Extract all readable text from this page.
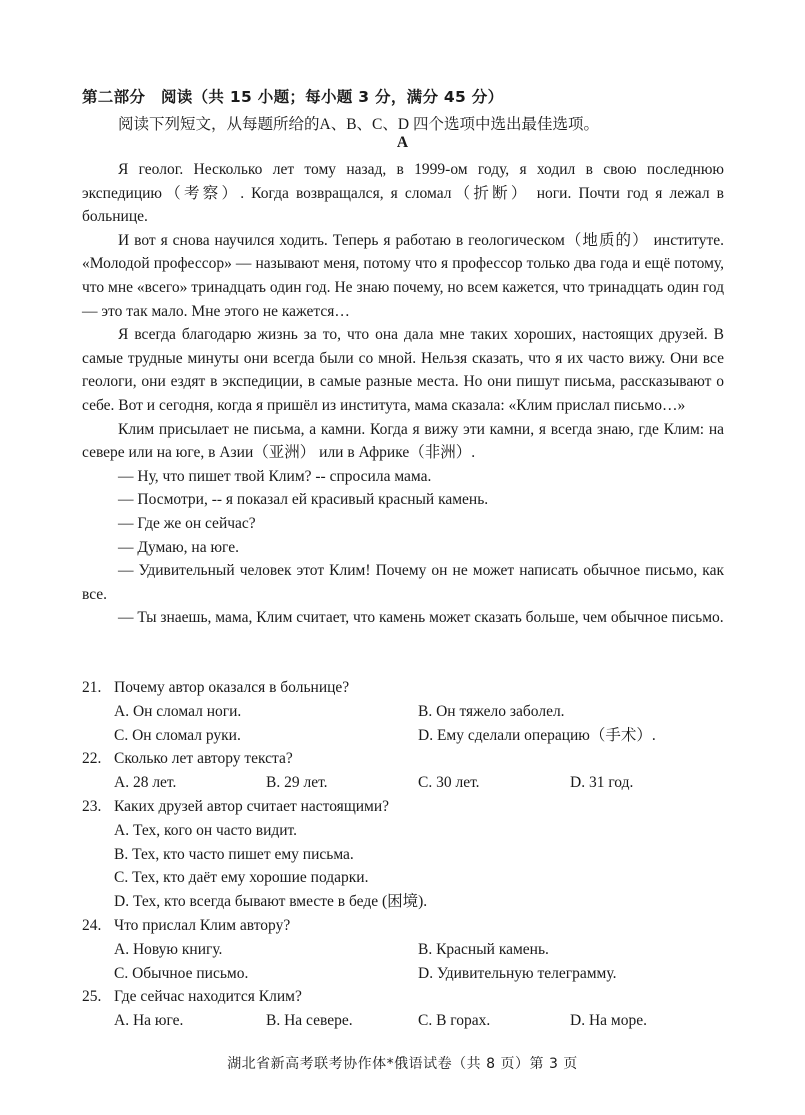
第二部分　阅读（共 15 小题；每小题 3 分，满分 45 分）
阅读下列短文，从每题所给的A、B、C、D 四个选项中选出最佳选项。
A

Я геолог. Несколько лет тому назад, в 1999-ом году, я ходил в свою последнюю экспедицию（考察）. Когда возвращался, я сломал（折断） ноги. Почти год я лежал в больнице.

И вот я снова научился ходить. Теперь я работаю в геологическом（地质的） институте. «Молодой профессор» — называют меня, потому что я профессор только два года и ещё потому, что мне «всего» тринадцать один год. Не знаю почему, но всем кажется, что тринадцать один год — это так мало. Мне этого не кажется…

Я всегда благодарю жизнь за то, что она дала мне таких хороших, настоящих друзей. В самые трудные минуты они всегда были со мной. Нельзя сказать, что я их часто вижу. Они все геологи, они ездят в экспедиции, в самые разные места. Но они пишут письма, рассказывают о себе. Вот и сегодня, когда я пришёл из института, мама сказала: «Клим прислал письмо…»

Клим присылает не письма, а камни. Когда я вижу эти камни, я всегда знаю, где Клим: на севере или на юге, в Азии（亚洲） или в Африке（非洲）.

— Ну, что пишет твой Клим? -- спросила мама.

— Посмотри, -- я показал ей красивый красный камень.

— Где же он сейчас?

— Думаю, на юге.

— Удивительный человек этот Клим! Почему он не может написать обычное письмо, как все.

— Ты знаешь, мама, Клим считает, что камень может сказать больше, чем обычное письмо.

21. Почему автор оказался в больнице?
A. Он сломал ноги.	B. Он тяжело заболел.
C. Он сломал руки.	D. Ему сделали операцию（手术）.
22. Сколько лет автору текста?
A. 28 лет.	B. 29 лет.	C. 30 лет.	D. 31 год.
23. Каких друзей автор считает настоящими?
A. Тех, кого он часто видит.
B. Тех, кто часто пишет ему письма.
C. Тех, кто даёт ему хорошие подарки.
D. Тех, кто всегда бывают вместе в беде (困境).
24. Что прислал Клим автору?
A. Новую книгу.	B. Красный камень.
C. Обычное письмо.	D. Удивительную телеграмму.
25. Где сейчас находится Клим?
A. На юге.	B. На севере.	C. В горах.	D. На море.
湖北省新高考联考协作体*俄语试卷（共 8 页）第 3 页
